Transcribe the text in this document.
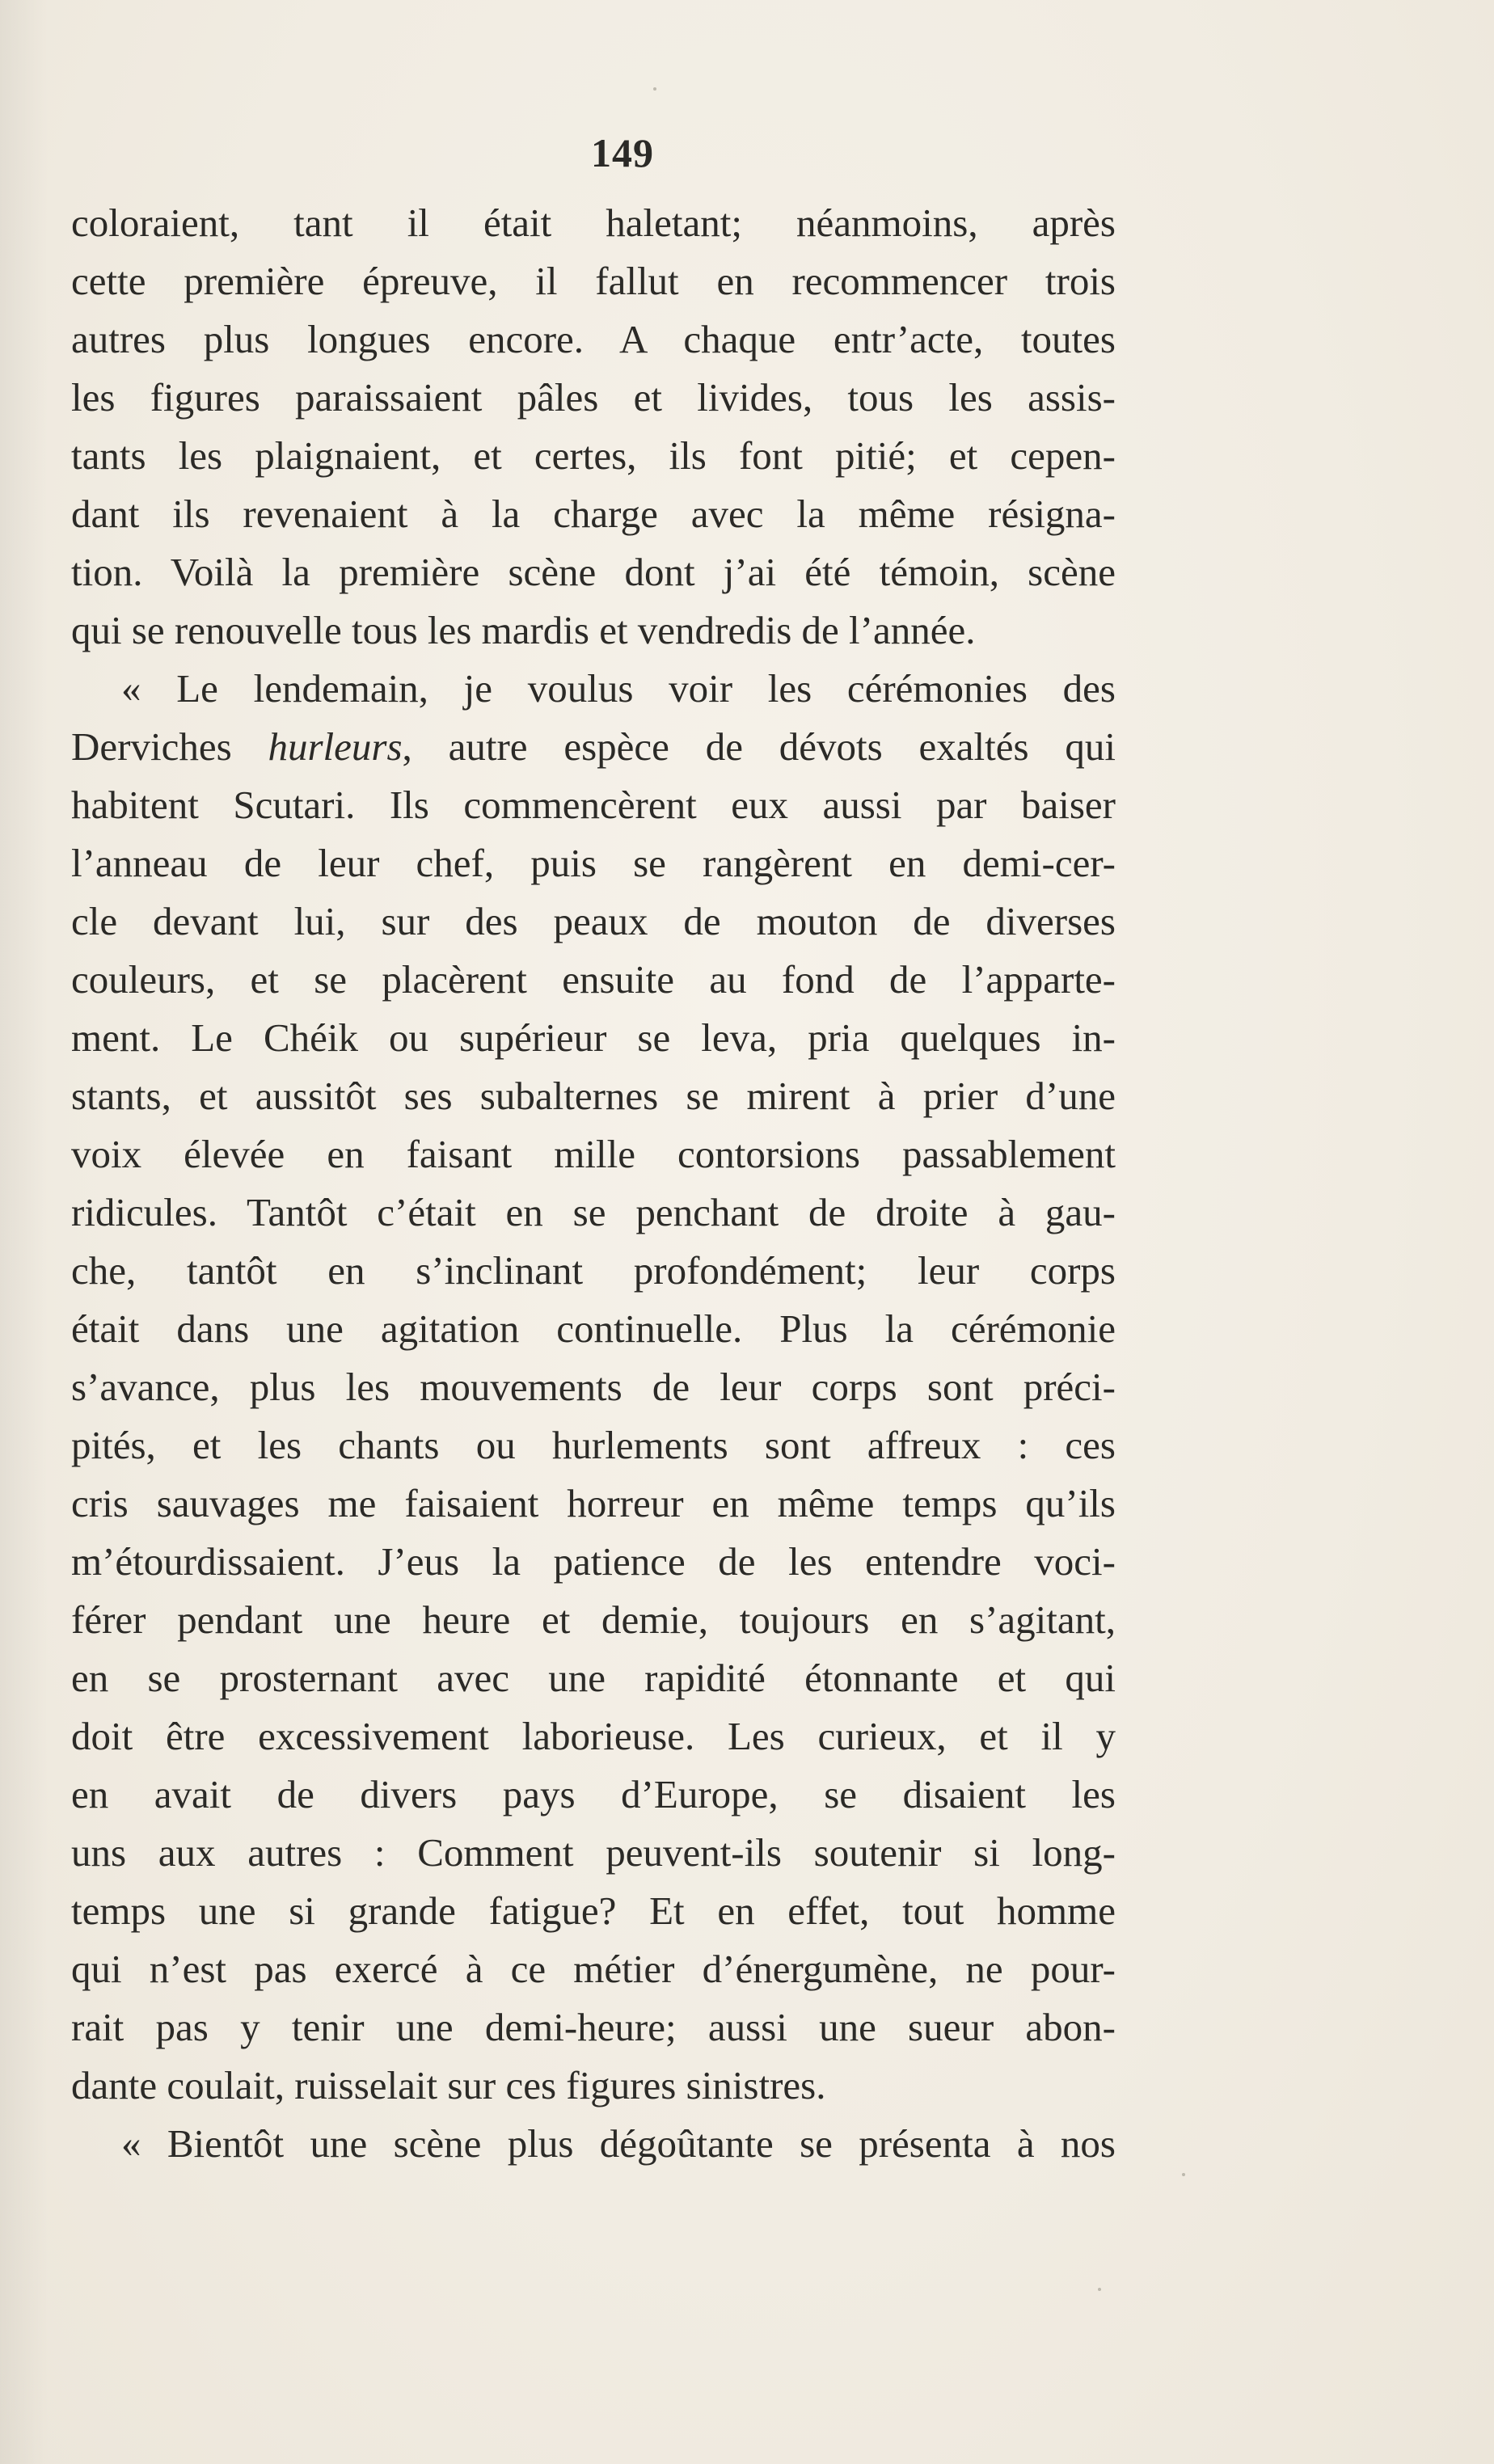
149
coloraient, tant il était haletant; néanmoins, après
cette première épreuve, il fallut en recommencer trois
autres plus longues encore. A chaque entr’acte, toutes
les figures paraissaient pâles et livides, tous les assis-
tants les plaignaient, et certes, ils font pitié; et cepen-
dant ils revenaient à la charge avec la même résigna-
tion. Voilà la première scène dont j’ai été témoin, scène
qui se renouvelle tous les mardis et vendredis de l’année.
« Le lendemain, je voulus voir les cérémonies des
Derviches hurleurs, autre espèce de dévots exaltés qui
habitent Scutari. Ils commencèrent eux aussi par baiser
l’anneau de leur chef, puis se rangèrent en demi-cer-
cle devant lui, sur des peaux de mouton de diverses
couleurs, et se placèrent ensuite au fond de l’apparte-
ment. Le Chéik ou supérieur se leva, pria quelques in-
stants, et aussitôt ses subalternes se mirent à prier d’une
voix élevée en faisant mille contorsions passablement
ridicules. Tantôt c’était en se penchant de droite à gau-
che, tantôt en s’inclinant profondément; leur corps
était dans une agitation continuelle. Plus la cérémonie
s’avance, plus les mouvements de leur corps sont préci-
pités, et les chants ou hurlements sont affreux : ces
cris sauvages me faisaient horreur en même temps qu’ils
m’étourdissaient. J’eus la patience de les entendre voci-
férer pendant une heure et demie, toujours en s’agitant,
en se prosternant avec une rapidité étonnante et qui
doit être excessivement laborieuse. Les curieux, et il y
en avait de divers pays d’Europe, se disaient les
uns aux autres : Comment peuvent-ils soutenir si long-
temps une si grande fatigue? Et en effet, tout homme
qui n’est pas exercé à ce métier d’énergumène, ne pour-
rait pas y tenir une demi-heure; aussi une sueur abon-
dante coulait, ruisselait sur ces figures sinistres.
« Bientôt une scène plus dégoûtante se présenta à nos
